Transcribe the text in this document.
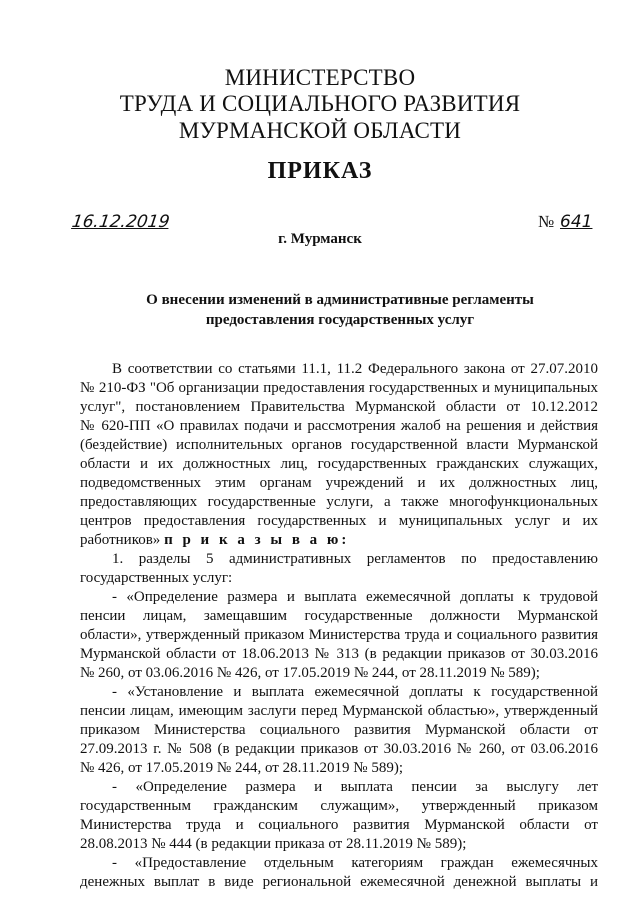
МИНИСТЕРСТВО
ТРУДА И СОЦИАЛЬНОГО РАЗВИТИЯ
МУРМАНСКОЙ ОБЛАСТИ
ПРИКАЗ
16.12.2019	№ 641
г. Мурманск
О внесении изменений в административные регламенты
предоставления государственных услуг
В соответствии со статьями 11.1, 11.2 Федерального закона от 27.07.2010
№ 210-ФЗ "Об организации предоставления государственных и муниципальных
услуг", постановлением Правительства Мурманской области от 10.12.2012
№ 620-ПП «О правилах подачи и рассмотрения жалоб на решения и действия
(бездействие) исполнительных органов государственной власти Мурманской
области и их должностных лиц, государственных гражданских служащих,
подведомственных этим органам учреждений и их должностных лиц,
предоставляющих государственные услуги, а также многофункциональных
центров предоставления государственных и муниципальных услуг и их
работников» п р и к а з ы в а ю:
1. разделы 5 административных регламентов по предоставлению
государственных услуг:
- «Определение размера и выплата ежемесячной доплаты к трудовой
пенсии лицам, замещавшим государственные должности Мурманской
области», утвержденный приказом Министерства труда и социального развития
Мурманской области от 18.06.2013 № 313 (в редакции приказов от 30.03.2016
№ 260, от 03.06.2016 № 426, от 17.05.2019 № 244, от 28.11.2019 № 589);
- «Установление и выплата ежемесячной доплаты к государственной
пенсии лицам, имеющим заслуги перед Мурманской областью», утвержденный
приказом Министерства социального развития Мурманской области от
27.09.2013 г. № 508 (в редакции приказов от 30.03.2016 № 260, от 03.06.2016
№ 426, от 17.05.2019 № 244, от 28.11.2019 № 589);
- «Определение размера и выплата пенсии за выслугу лет
государственным гражданским служащим», утвержденный приказом
Министерства труда и социального развития Мурманской области от
28.08.2013 № 444 (в редакции приказа от 28.11.2019 № 589);
- «Предоставление отдельным категориям граждан ежемесячных
денежных выплат в виде региональной ежемесячной денежной выплаты и
